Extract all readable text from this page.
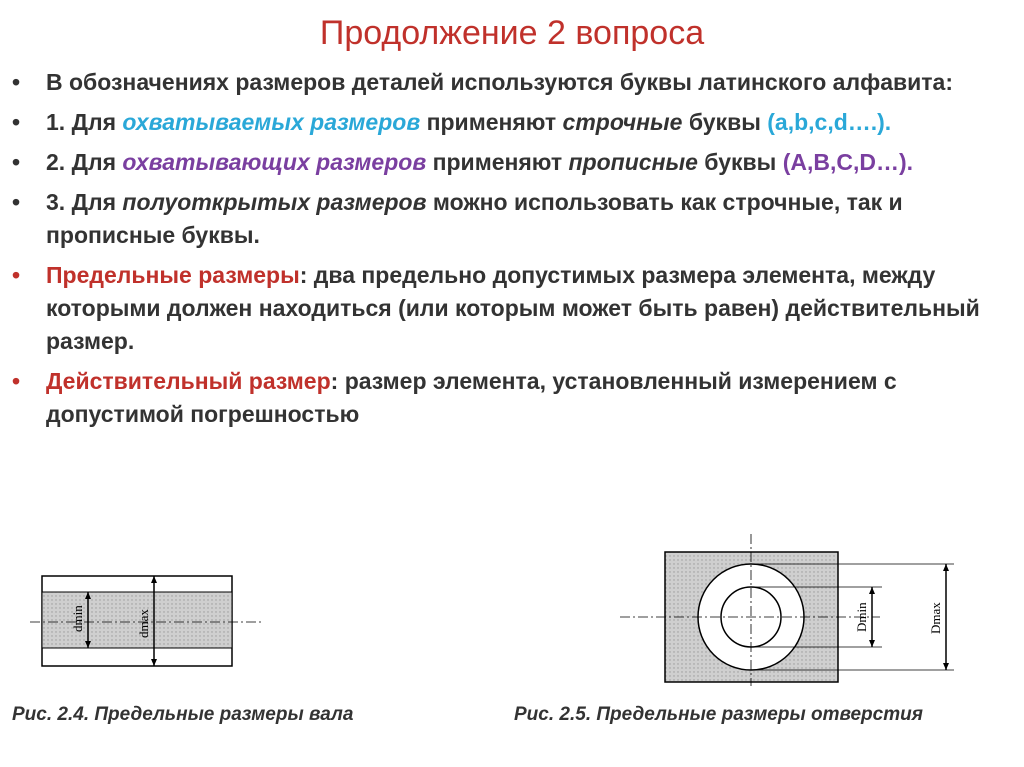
Продолжение 2 вопроса
•	В обозначениях размеров деталей используются буквы латинского алфавита:
•	1. Для охватываемых размеров применяют строчные буквы (a,b,c,d….).
•	2. Для охватывающих размеров применяют прописные буквы (A,B,C,D…).
•	3. Для полуоткрытых размеров можно использовать как строчные, так и прописные буквы.
•	Предельные размеры: два предельно допустимых размера элемента, между которыми должен находиться (или которым может быть равен) действительный размер.
•	Действительный размер: размер элемента, установленный измерением с допустимой погрешностью
dmin	dmax	Dmin	Dmax
Рис. 2.4. Предельные размеры вала	Рис. 2.5. Предельные размеры отверстия
